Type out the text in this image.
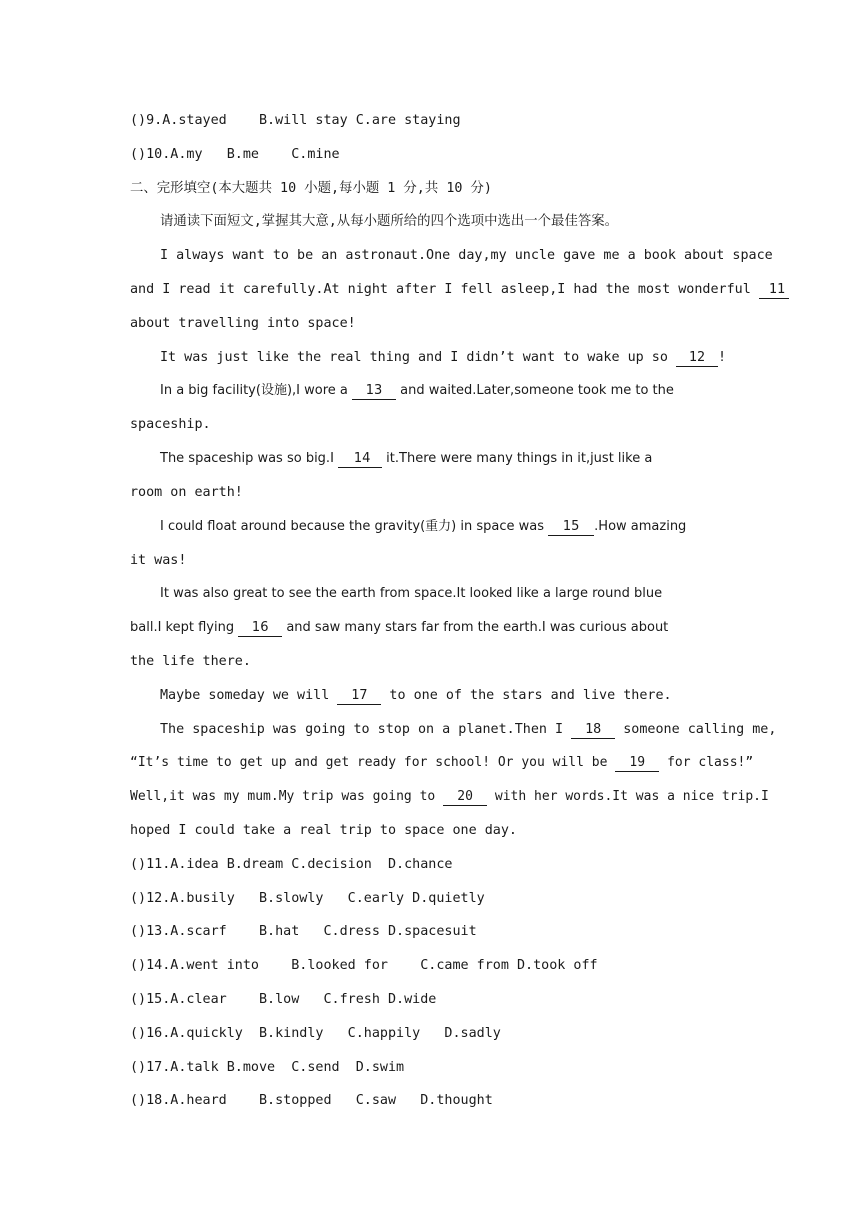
()9.A.stayed    B.will stay C.are staying
()10.A.my   B.me    C.mine
二、完形填空(本大题共 10 小题,每小题 1 分,共 10 分)
请通读下面短文,掌握其大意,从每小题所给的四个选项中选出一个最佳答案。
I always want to be an astronaut.One day,my uncle gave me a book about space
and I read it carefully.At night after I fell asleep,I had the most wonderful  11
about travelling into space!
It was just like the real thing and I didn’t want to wake up so  12 !
In a big facility(设施),I wore a  13  and waited.Later,someone took me to the
spaceship.
The spaceship was so big.I   14  it.There were many things in it,just like a
room on earth!
I could float around because the gravity(重力) in space was  15 .How amazing
it was!
It was also great to see the earth from space.It looked like a large round blue
ball.I kept flying  16  and saw many stars far from the earth.I was curious about
the life there.
Maybe someday we will  17  to one of the stars and live there.
The spaceship was going to stop on a planet.Then I  18  someone calling me,
“It’s time to get up and get ready for school! Or you will be  19  for class!”
Well,it was my mum.My trip was going to  20  with her words.It was a nice trip.I
hoped I could take a real trip to space one day.
()11.A.idea B.dream C.decision  D.chance
()12.A.busily   B.slowly   C.early D.quietly
()13.A.scarf    B.hat   C.dress D.spacesuit
()14.A.went into    B.looked for    C.came from D.took off
()15.A.clear    B.low   C.fresh D.wide
()16.A.quickly  B.kindly   C.happily   D.sadly
()17.A.talk B.move  C.send  D.swim
()18.A.heard    B.stopped   C.saw   D.thought
